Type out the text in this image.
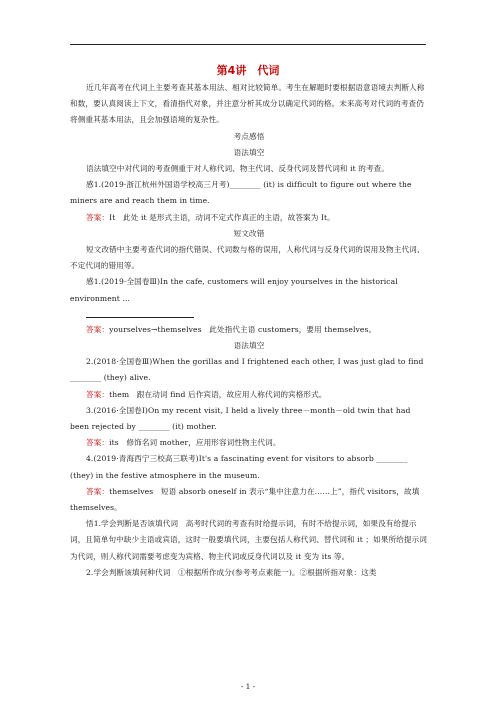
第4讲　代词

近几年高考在代词上主要考查其基本用法、相对比较简单。考生在解题时要根据语意语境去判断人称和数，要认真阅读上下文，看清指代对象，并注意分析其成分以确定代词的格。未来高考对代词的考查仍将侧重其基本用法，且会加强语境的复杂性。

考点感悟

语法填空

语法填空中对代词的考查侧重于对人称代词、物主代词、反身代词及替代词和 it 的考查。

感1.(2019·浙江杭州外国语学校高三月考)________ (it) is difficult to figure out where the miners are and reach them in time.

答案：It　此处 it 是形式主语，动词不定式作真正的主语，故答案为 It。

短文改错

短文改错中主要考查代词的指代错误、代词数与格的误用，人称代词与反身代词的误用及物主代词、不定代词的错用等。

感1.(2019·全国卷Ⅲ)In the cafe, customers will enjoy yourselves in the historical environment ...

答案：yourselves→themselves　此处指代主语 customers，要用 themselves。

语法填空

2.(2018·全国卷Ⅲ)When the gorillas and I frightened each other, I was just glad to find　________ (they) alive.

答案：them　跟在动词 find 后作宾语，故应用人称代词的宾格形式。

3.(2016·全国卷Ⅰ)On my recent visit, I held a lively three－month－old twin that had been rejected by ________ (it) mother.

答案：its　修饰名词 mother，应用形容词性物主代词。

4.(2019·青海西宁三校高三联考)It's a fascinating event for visitors to absorb ________ (they) in the festive atmosphere in the museum.

答案：themselves　短语 absorb oneself in 表示“集中注意力在……上”，指代 visitors，故填 themselves。

悟1.学会判断是否该填代词　高考时代词的考查有时给提示词，有时不给提示词，如果没有给提示词，且简单句中缺少主语或宾语，这时一般要填代词，主要包括人称代词、替代词和 it ；如果所给提示词为代词，则人称代词需要考虑变为宾格、物主代词或反身代词以及 it 变为 its 等。

2.学会判断该填何种代词　①根据所作成分(参考考点素能一)。②根据所指对象：这类

- 1 -
